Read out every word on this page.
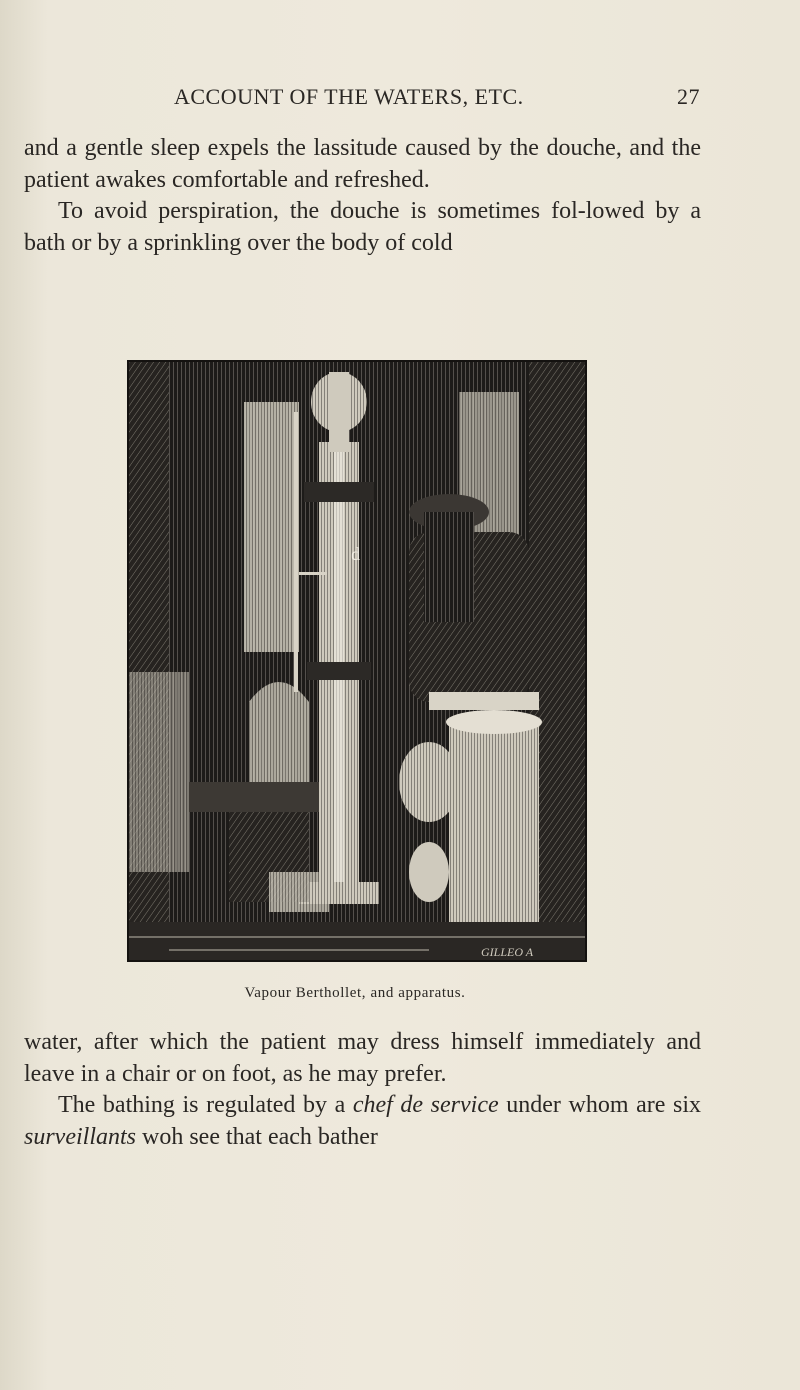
ACCOUNT OF THE WATERS, ETC.	27

and a gentle sleep expels the lassitude caused by the douche, and the patient awakes comfortable and refreshed.

To avoid perspiration, the douche is sometimes fol-lowed by a bath or by a sprinkling over the body of cold

d
GILLEO A
Vapour Berthollet, and apparatus.

water, after which the patient may dress himself immediately and leave in a chair or on foot, as he may prefer.

The bathing is regulated by a chef de service under whom are six surveillants woh see that each bather
